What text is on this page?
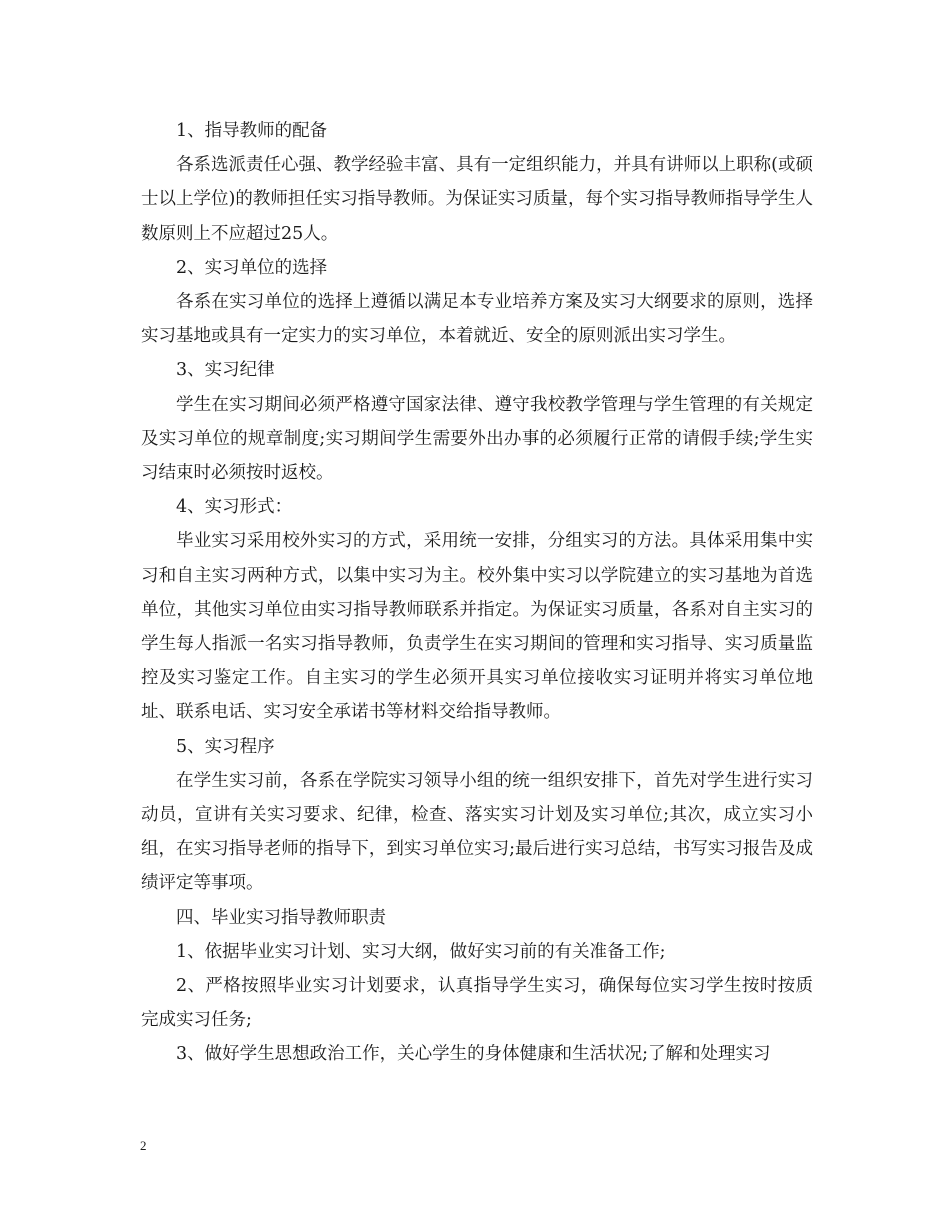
1、指导教师的配备

各系选派责任心强、教学经验丰富、具有一定组织能力，并具有讲师以上职称(或硕士以上学位)的教师担任实习指导教师。为保证实习质量，每个实习指导教师指导学生人数原则上不应超过25人。

2、实习单位的选择

各系在实习单位的选择上遵循以满足本专业培养方案及实习大纲要求的原则，选择实习基地或具有一定实力的实习单位，本着就近、安全的原则派出实习学生。

3、实习纪律

学生在实习期间必须严格遵守国家法律、遵守我校教学管理与学生管理的有关规定及实习单位的规章制度;实习期间学生需要外出办事的必须履行正常的请假手续;学生实习结束时必须按时返校。

4、实习形式：

毕业实习采用校外实习的方式，采用统一安排，分组实习的方法。具体采用集中实习和自主实习两种方式，以集中实习为主。校外集中实习以学院建立的实习基地为首选单位，其他实习单位由实习指导教师联系并指定。为保证实习质量，各系对自主实习的学生每人指派一名实习指导教师，负责学生在实习期间的管理和实习指导、实习质量监控及实习鉴定工作。自主实习的学生必须开具实习单位接收实习证明并将实习单位地址、联系电话、实习安全承诺书等材料交给指导教师。

5、实习程序

在学生实习前，各系在学院实习领导小组的统一组织安排下，首先对学生进行实习动员，宣讲有关实习要求、纪律，检查、落实实习计划及实习单位;其次，成立实习小组，在实习指导老师的指导下，到实习单位实习;最后进行实习总结，书写实习报告及成绩评定等事项。

四、毕业实习指导教师职责

1、依据毕业实习计划、实习大纲，做好实习前的有关准备工作;

2、严格按照毕业实习计划要求，认真指导学生实习，确保每位实习学生按时按质完成实习任务;

3、做好学生思想政治工作，关心学生的身体健康和生活状况;了解和处理实习

2
